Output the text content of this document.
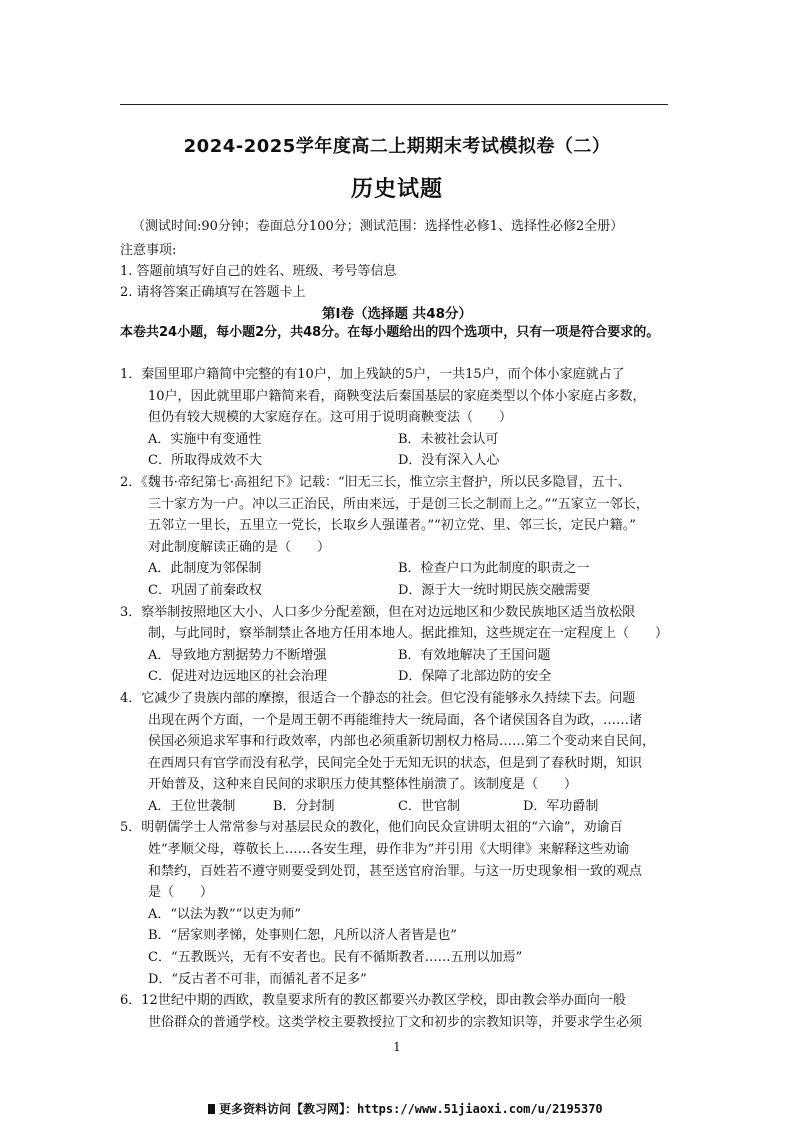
2024-2025学年度高二上期期末考试模拟卷（二）
历史试题
（测试时间:90分钟；卷面总分100分；测试范围：选择性必修1、选择性必修2全册）
注意事项:
1. 答题前填写好自己的姓名、班级、考号等信息
2. 请将答案正确填写在答题卡上
第Ⅰ卷（选择题 共48分）
本卷共24小题，每小题2分，共48分。在每小题给出的四个选项中，只有一项是符合要求的。
1．秦国里耶户籍简中完整的有10户，加上残缺的5户，一共15户，而个体小家庭就占了
10户，因此就里耶户籍简来看，商鞅变法后秦国基层的家庭类型以个体小家庭占多数，
但仍有较大规模的大家庭存在。这可用于说明商鞅变法（　　）
A．实施中有变通性	B．未被社会认可
C．所取得成效不大	D．没有深入人心
2．《魏书·帝纪第七·高祖纪下》记载：“旧无三长，惟立宗主督护，所以民多隐冒，五十、
三十家方为一户。冲以三正治民，所由来远，于是创三长之制而上之。”“五家立一邻长，
五邻立一里长，五里立一党长，长取乡人强谨者。”“初立党、里、邻三长，定民户籍。”
对此制度解读正确的是（　　）
A．此制度为邻保制	B．检查户口为此制度的职责之一
C．巩固了前秦政权	D．源于大一统时期民族交融需要
3．察举制按照地区大小、人口多少分配差额，但在对边远地区和少数民族地区适当放松限
制，与此同时，察举制禁止各地方任用本地人。据此推知，这些规定在一定程度上（　　）
A．导致地方割据势力不断增强	B．有效地解决了王国问题
C．促进对边远地区的社会治理	D．保障了北部边防的安全
4．它减少了贵族内部的摩擦，很适合一个静态的社会。但它没有能够永久持续下去。问题
出现在两个方面，一个是周王朝不再能维持大一统局面，各个诸侯国各自为政，……诸
侯国必须追求军事和行政效率，内部也必须重新切割权力格局……第二个变动来自民间，
在西周只有官学而没有私学，民间完全处于无知无识的状态，但是到了春秋时期，知识
开始普及，这种来自民间的求职压力使其整体性崩溃了。该制度是（　　）
A．王位世袭制	B．分封制	C．世官制	D．军功爵制
5．明朝儒学士人常常参与对基层民众的教化，他们向民众宣讲明太祖的“六谕”，劝谕百
姓“孝顺父母，尊敬长上……各安生理，毋作非为”并引用《大明律》来解释这些劝谕
和禁约，百姓若不遵守则要受到处罚，甚至送官府治罪。与这一历史现象相一致的观点
是（　　）
A．“以法为教”“以吏为师”
B．“居家则孝悌，处事则仁恕，凡所以济人者皆是也”
C．“五教既兴，无有不安者也。民有不循斯教者……五刑以加焉”
D．“反古者不可非，而循礼者不足多”
6．12世纪中期的西欧，教皇要求所有的教区都要兴办教区学校，即由教会举办面向一般
世俗群众的普通学校。这类学校主要教授拉丁文和初步的宗教知识等，并要求学生必须
1
更多资料访问【教习网】：https://www.51jiaoxi.com/u/2195370
